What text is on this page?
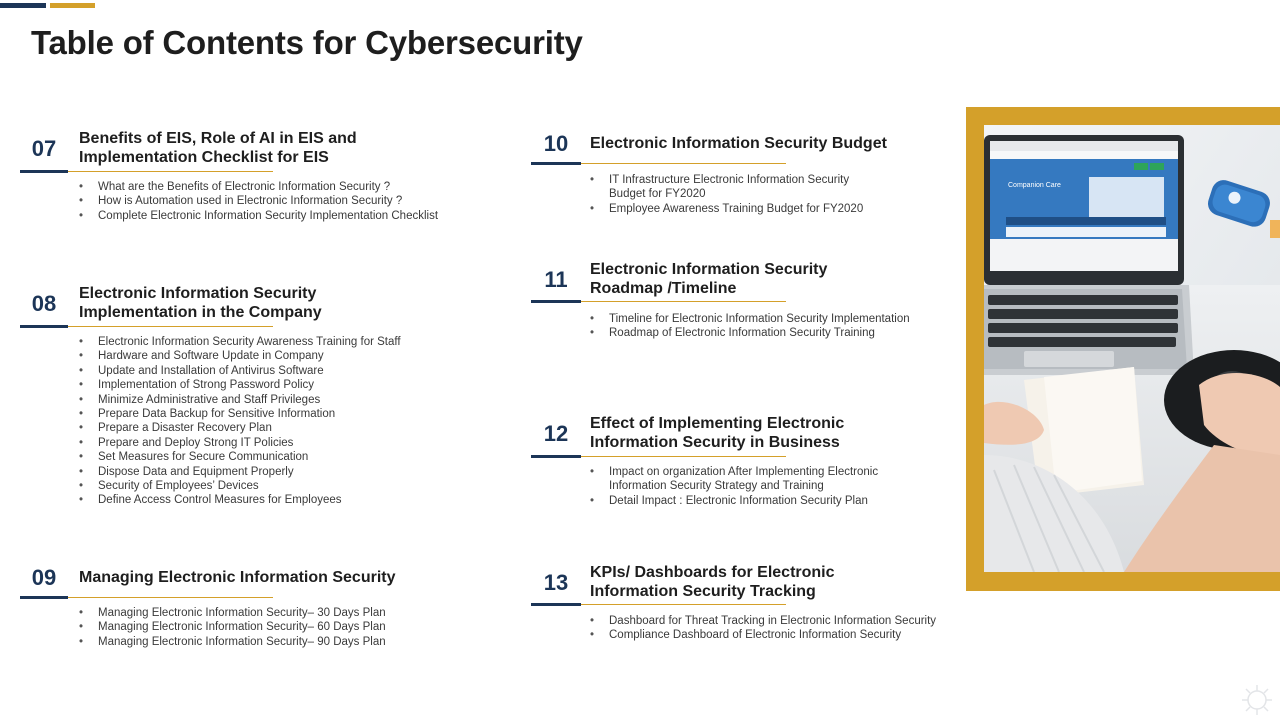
Table of Contents for Cybersecurity
07	Benefits of EIS, Role of AI in EIS and
Implementation Checklist for EIS
• What are the Benefits of Electronic Information Security ?
• How is Automation used in Electronic Information Security ?
• Complete Electronic Information Security Implementation Checklist
08	Electronic Information Security
Implementation in the Company
• Electronic Information Security Awareness Training for Staff
• Hardware and Software Update in Company
• Update and Installation of Antivirus Software
• Implementation of Strong Password Policy
• Minimize Administrative and Staff Privileges
• Prepare Data Backup for Sensitive Information
• Prepare a Disaster Recovery Plan
• Prepare and Deploy Strong IT Policies
• Set Measures for Secure Communication
• Dispose Data and Equipment Properly
• Security of Employees’ Devices
• Define Access Control Measures for Employees
09	Managing Electronic Information Security
• Managing Electronic Information Security– 30 Days Plan
• Managing Electronic Information Security– 60 Days Plan
• Managing Electronic Information Security– 90 Days Plan
10	Electronic Information Security Budget
• IT Infrastructure Electronic Information Security
Budget for FY2020
• Employee Awareness Training Budget for FY2020
11	Electronic Information Security
Roadmap /Timeline
• Timeline for Electronic Information Security Implementation
• Roadmap of Electronic Information Security Training
12	Effect of Implementing Electronic
Information Security in Business
• Impact on organization After Implementing Electronic
Information Security Strategy and Training
• Detail Impact : Electronic Information Security Plan
13	KPIs/ Dashboards for Electronic
Information Security Tracking
• Dashboard for Threat Tracking in Electronic Information Security
• Compliance Dashboard of Electronic Information Security
Companion Care
